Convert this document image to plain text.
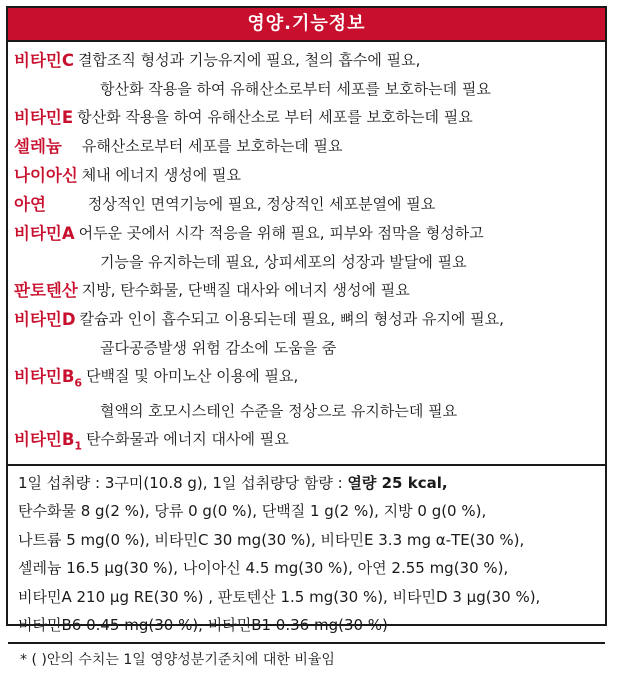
영양.기능정보
비타민C 결합조직 형성과 기능유지에 필요, 철의 흡수에 필요,
항산화 작용을 하여 유해산소로부터 세포를 보호하는데 필요
비타민E 항산화 작용을 하여 유해산소로 부터 세포를 보호하는데 필요
셀레늄 유해산소로부터 세포를 보호하는데 필요
나이아신 체내 에너지 생성에 필요
아연	정상적인 면역기능에 필요, 정상적인 세포분열에 필요
비타민A 어두운 곳에서 시각 적응을 위해 필요, 피부와 점막을 형성하고
기능을 유지하는데 필요, 상피세포의 성장과 발달에 필요
판토텐산 지방, 탄수화물, 단백질 대사와 에너지 생성에 필요
비타민D 칼슘과 인이 흡수되고 이용되는데 필요, 뼈의 형성과 유지에 필요,
골다공증발생 위험 감소에 도움을 줌
비타민$B_6$ 단백질 및 아미노산 이용에 필요,
혈액의 호모시스테인 수준을 정상으로 유지하는데 필요
비타민$B_1$ 탄수화물과 에너지 대사에 필요
1일 섭취량 : 3구미(10.8 g), 1일 섭취량당 함량 : 열량 25 kcal,
탄수화물 8 g(2 %), 당류 0 g(0 %), 단백질 1 g(2 %), 지방 0 g(0 %),
나트륨 5 mg(0 %), 비타민C 30 mg(30 %), 비타민E 3.3 mg α-TE(30 %),
셀레늄 16.5 μg(30 %), 나이아신 4.5 mg(30 %), 아연 2.55 mg(30 %),
비타민A 210 μg RE(30 %) , 판토텐산 1.5 mg(30 %), 비타민D 3 μg(30 %),
비타민B6 0.45 mg(30 %), 비타민B1 0.36 mg(30 %)
* ( )안의 수치는 1일 영양성분기준치에 대한 비율임
